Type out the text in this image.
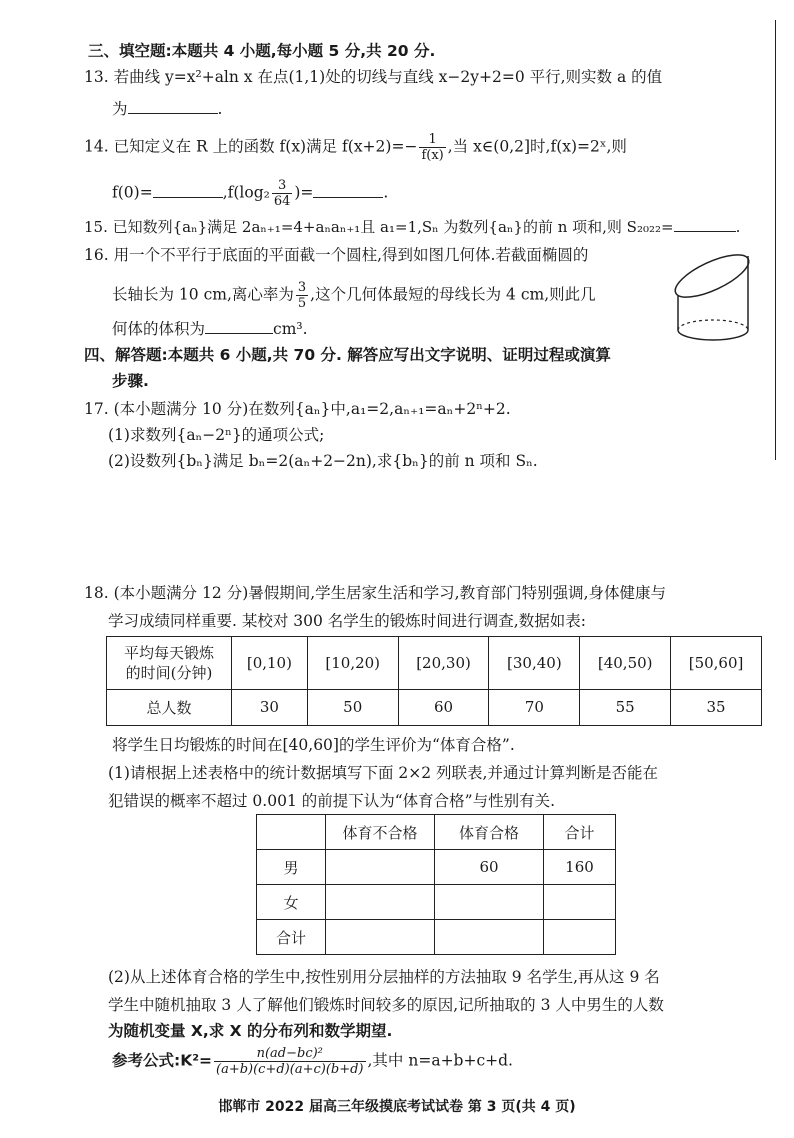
三、填空题:本题共 4 小题,每小题 5 分,共 20 分.
13. 若曲线 y=x²+aln x 在点(1,1)处的切线与直线 x−2y+2=0 平行,则实数 a 的值
为	.
14. 已知定义在 R 上的函数 f(x)满足 $f(x+2)=- \frac{1}{f(x)}$ ,当 x∈(0,2]时,f(x)=2ˣ,则
f(0)=	$,f(\log_2 \frac{3}{64}$ )=	.
15. 已知数列{aₙ}满足 2aₙ₊₁=4+aₙaₙ₊₁且 a₁=1,Sₙ 为数列{aₙ}的前 n 项和,则 S₂₀₂₂=	.
16. 用一个不平行于底面的平面截一个圆柱,得到如图几何体.若截面椭圆的
长轴长为 10 cm,离心率为 $\frac{3}{5}$ ,这个几何体最短的母线长为 4 cm,则此几
何体的体积为	cm³.
四、解答题:本题共 6 小题,共 70 分. 解答应写出文字说明、证明过程或演算
步骤.
17. (本小题满分 10 分)在数列{aₙ}中,a₁=2,aₙ₊₁=aₙ+2ⁿ+2.
(1)求数列{aₙ−2ⁿ}的通项公式;
(2)设数列{bₙ}满足 bₙ=2(aₙ+2−2n),求{bₙ}的前 n 项和 Sₙ.
18. (本小题满分 12 分)暑假期间,学生居家生活和学习,教育部门特别强调,身体健康与
学习成绩同样重要. 某校对 300 名学生的锻炼时间进行调查,数据如表:
平均每天锻炼
的时间(分钟)	[0,10)	[10,20)	[20,30)	[30,40)	[40,50)	[50,60]
总人数	30	50	60	70	55	35
将学生日均锻炼的时间在[40,60]的学生评价为“体育合格”.
(1)请根据上述表格中的统计数据填写下面 2×2 列联表,并通过计算判断是否能在
犯错误的概率不超过 0.001 的前提下认为“体育合格”与性别有关.
	体育不合格	体育合格	合计
男		60	160
女			
合计			
(2)从上述体育合格的学生中,按性别用分层抽样的方法抽取 9 名学生,再从这 9 名
学生中随机抽取 3 人了解他们锻炼时间较多的原因,记所抽取的 3 人中男生的人数
为随机变量 X,求 X 的分布列和数学期望.
参考公式:K²= $\frac{\text{n(ad−bc)²}}{(a+b)(c+d)(a+c)(b+d)}$ ,其中 n=a+b+c+d.
邯郸市 2022 届高三年级摸底考试试卷 第 3 页(共 4 页)
